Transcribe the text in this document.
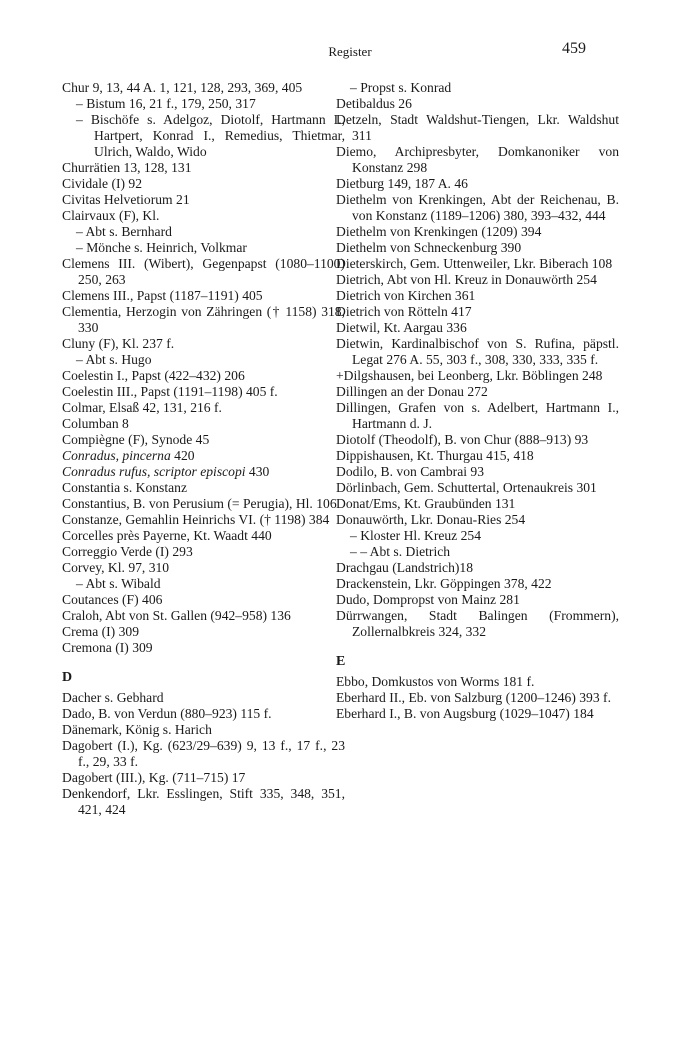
Register	459

Chur 9, 13, 44 A. 1, 121, 128, 293, 369, 405

– Bistum 16, 21 f., 179, 250, 317

– Bischöfe s. Adelgoz, Diotolf, Hartmann I., Hartpert, Konrad I., Remedius, Thietmar, Ulrich, Waldo, Wido

Churrätien 13, 128, 131

Cividale (I) 92

Civitas Helvetiorum 21

Clairvaux (F), Kl.

– Abt s. Bernhard

– Mönche s. Heinrich, Volkmar

Clemens III. (Wibert), Gegenpapst (1080–1100) 250, 263

Clemens III., Papst (1187–1191) 405

Clementia, Herzogin von Zähringen († 1158) 318, 330

Cluny (F), Kl. 237 f.

– Abt s. Hugo

Coelestin I., Papst (422–432) 206

Coelestin III., Papst (1191–1198) 405 f.

Colmar, Elsaß 42, 131, 216 f.

Columban 8

Compiègne (F), Synode 45

Conradus, pincerna 420

Conradus rufus, scriptor episcopi 430

Constantia s. Konstanz

Constantius, B. von Perusium (= Perugia), Hl. 106

Constanze, Gemahlin Heinrichs VI. († 1198) 384

Corcelles près Payerne, Kt. Waadt 440

Correggio Verde (I) 293

Corvey, Kl. 97, 310

– Abt s. Wibald

Coutances (F) 406

Craloh, Abt von St. Gallen (942–958) 136

Crema (I) 309

Cremona (I) 309

D

Dacher s. Gebhard

Dado, B. von Verdun (880–923) 115 f.

Dänemark, König s. Harich

Dagobert (I.), Kg. (623/29–639) 9, 13 f., 17 f., 23 f., 29, 33 f.

Dagobert (III.), Kg. (711–715) 17

Denkendorf, Lkr. Esslingen, Stift 335, 348, 351, 421, 424

– Propst s. Konrad

Detibaldus 26

Detzeln, Stadt Waldshut-Tiengen, Lkr. Waldshut 311

Diemo, Archipresbyter, Domkanoniker von Konstanz 298

Dietburg 149, 187 A. 46

Diethelm von Krenkingen, Abt der Reichenau, B. von Konstanz (1189–1206) 380, 393–432, 444

Diethelm von Krenkingen (1209) 394

Diethelm von Schneckenburg 390

Dieterskirch, Gem. Uttenweiler, Lkr. Biberach 108

Dietrich, Abt von Hl. Kreuz in Donauwörth 254

Dietrich von Kirchen 361

Dietrich von Rötteln 417

Dietwil, Kt. Aargau 336

Dietwin, Kardinalbischof von S. Rufina, päpstl. Legat 276 A. 55, 303 f., 308, 330, 333, 335 f.

+Dilgshausen, bei Leonberg, Lkr. Böblingen 248

Dillingen an der Donau 272

Dillingen, Grafen von s. Adelbert, Hartmann I., Hartmann d. J.

Diotolf (Theodolf), B. von Chur (888–913) 93

Dippishausen, Kt. Thurgau 415, 418

Dodilo, B. von Cambrai 93

Dörlinbach, Gem. Schuttertal, Ortenaukreis 301

Donat/Ems, Kt. Graubünden 131

Donauwörth, Lkr. Donau-Ries 254

– Kloster Hl. Kreuz 254

– – Abt s. Dietrich

Drachgau (Landstrich)18

Drackenstein, Lkr. Göppingen 378, 422

Dudo, Dompropst von Mainz 281

Dürrwangen, Stadt Balingen (Frommern), Zollernalbkreis 324, 332

E

Ebbo, Domkustos von Worms 181 f.

Eberhard II., Eb. von Salzburg (1200–1246) 393 f.

Eberhard I., B. von Augsburg (1029–1047) 184
